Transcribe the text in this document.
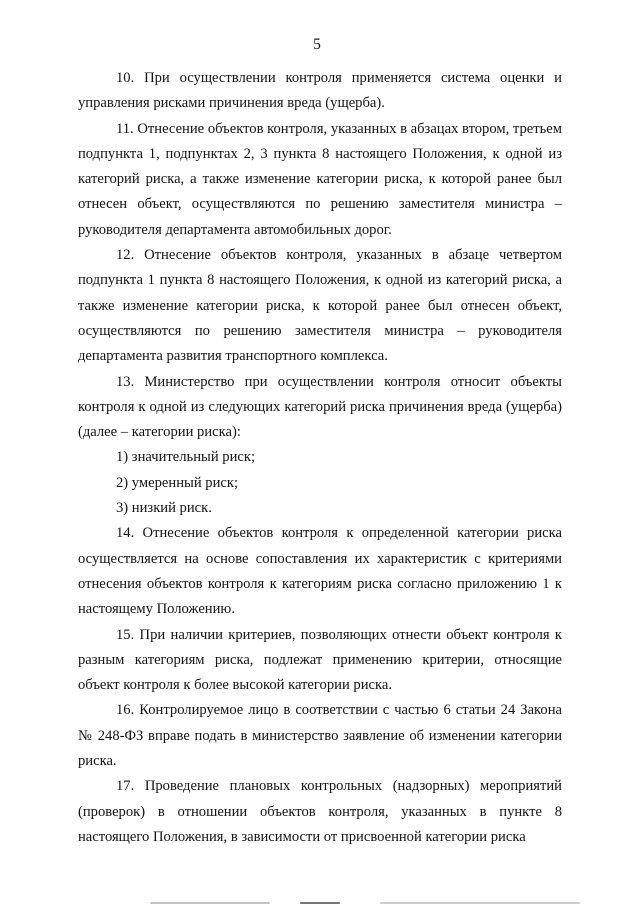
5

10. При осуществлении контроля применяется система оценки и управления рисками причинения вреда (ущерба).

11. Отнесение объектов контроля, указанных в абзацах втором, третьем подпункта 1, подпунктах 2, 3 пункта 8 настоящего Положения, к одной из категорий риска, а также изменение категории риска, к которой ранее был отнесен объект, осуществляются по решению заместителя министра – руководителя департамента автомобильных дорог.

12. Отнесение объектов контроля, указанных в абзаце четвертом подпункта 1 пункта 8 настоящего Положения, к одной из категорий риска, а также изменение категории риска, к которой ранее был отнесен объект, осуществляются по решению заместителя министра – руководителя департамента развития транспортного комплекса.

13. Министерство при осуществлении контроля относит объекты контроля к одной из следующих категорий риска причинения вреда (ущерба) (далее – категории риска):

1) значительный риск;

2) умеренный риск;

3) низкий риск.

14. Отнесение объектов контроля к определенной категории риска осуществляется на основе сопоставления их характеристик с критериями отнесения объектов контроля к категориям риска согласно приложению 1 к настоящему Положению.

15. При наличии критериев, позволяющих отнести объект контроля к разным категориям риска, подлежат применению критерии, относящие объект контроля к более высокой категории риска.

16. Контролируемое лицо в соответствии с частью 6 статьи 24 Закона № 248-ФЗ вправе подать в министерство заявление об изменении категории риска.

17. Проведение плановых контрольных (надзорных) мероприятий (проверок) в отношении объектов контроля, указанных в пункте 8 настоящего Положения, в зависимости от присвоенной категории риска
